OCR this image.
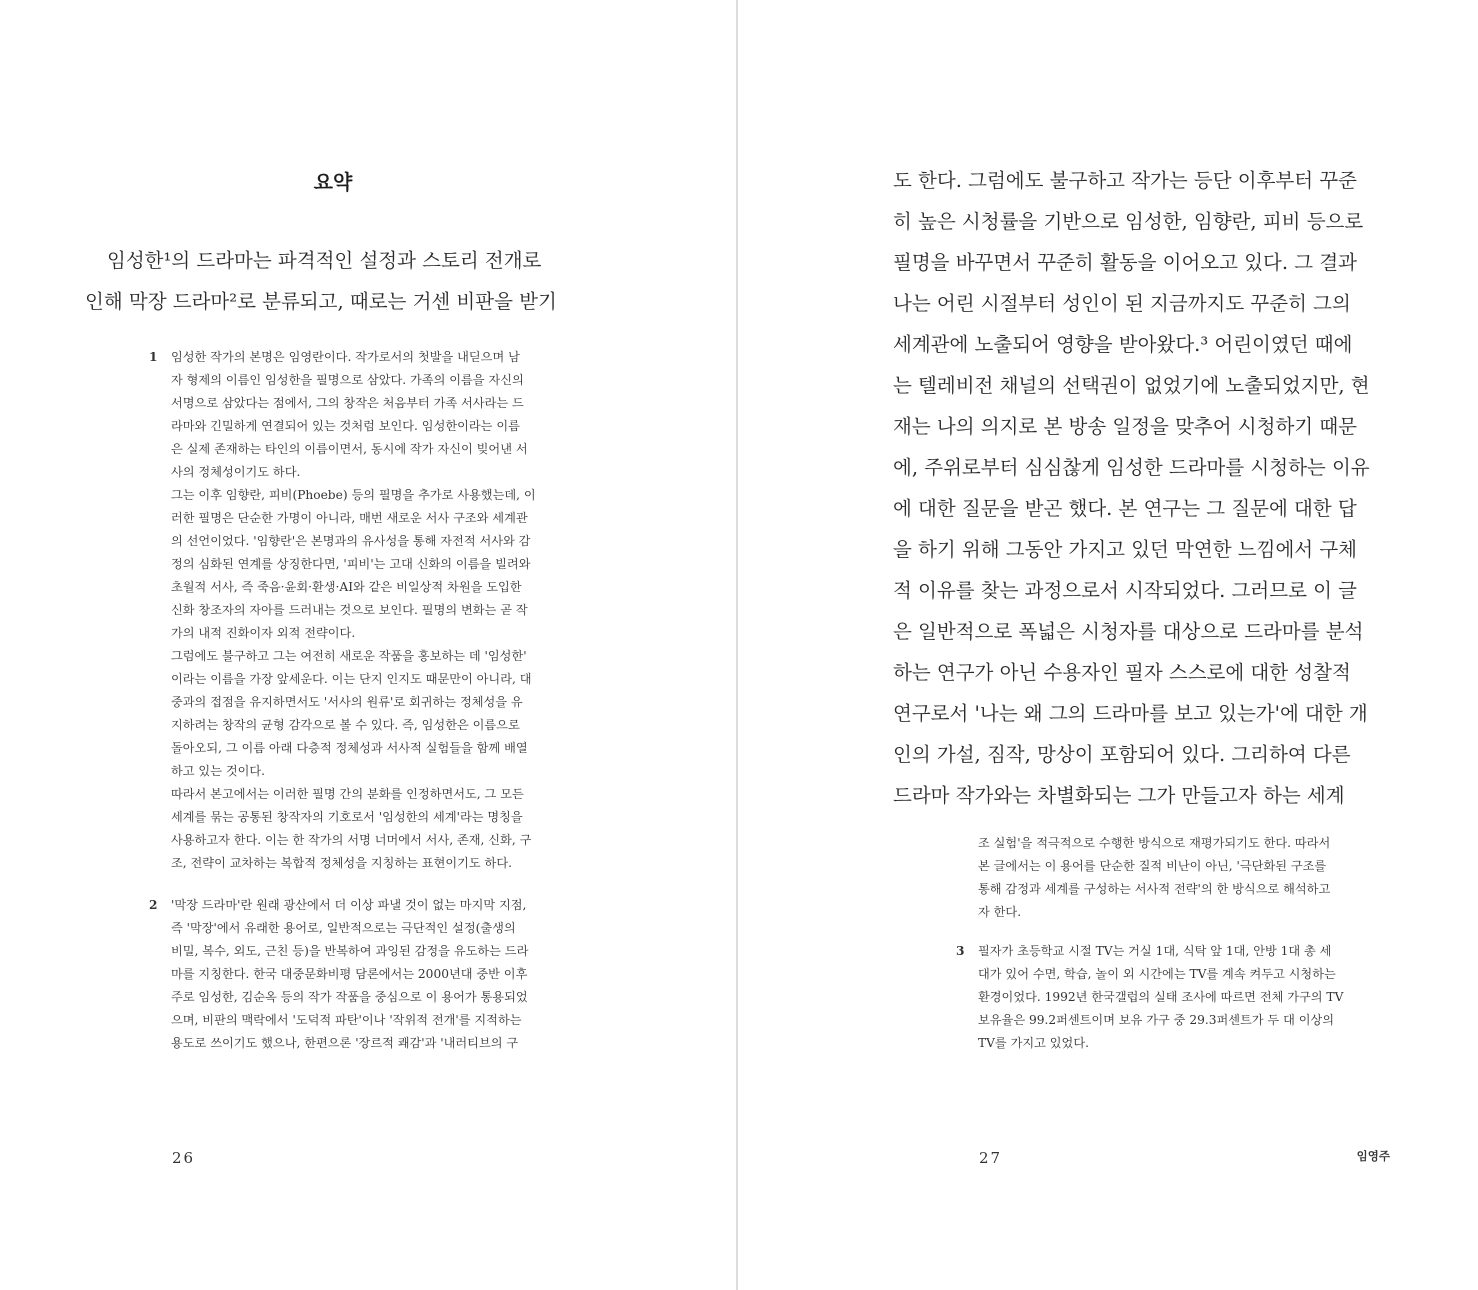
요약

임성한¹의 드라마는 파격적인 설정과 스토리 전개로
인해 막장 드라마²로 분류되고, 때로는 거센 비판을 받기

1 임성한 작가의 본명은 임영란이다. 작가로서의 첫발을 내딛으며 남
자 형제의 이름인 임성한을 필명으로 삼았다. 가족의 이름을 자신의
서명으로 삼았다는 점에서, 그의 창작은 처음부터 가족 서사라는 드
라마와 긴밀하게 연결되어 있는 것처럼 보인다. 임성한이라는 이름
은 실제 존재하는 타인의 이름이면서, 동시에 작가 자신이 빚어낸 서
사의 정체성이기도 하다.
그는 이후 임향란, 피비(Phoebe) 등의 필명을 추가로 사용했는데, 이
러한 필명은 단순한 가명이 아니라, 매번 새로운 서사 구조와 세계관
의 선언이었다. '임향란'은 본명과의 유사성을 통해 자전적 서사와 감
정의 심화된 연계를 상징한다면, '피비'는 고대 신화의 이름을 빌려와
초월적 서사, 즉 죽음·윤회·환생·AI와 같은 비일상적 차원을 도입한
신화 창조자의 자아를 드러내는 것으로 보인다. 필명의 변화는 곧 작
가의 내적 진화이자 외적 전략이다.
그럼에도 불구하고 그는 여전히 새로운 작품을 홍보하는 데 '임성한'
이라는 이름을 가장 앞세운다. 이는 단지 인지도 때문만이 아니라, 대
중과의 접점을 유지하면서도 '서사의 원류'로 회귀하는 정체성을 유
지하려는 창작의 균형 감각으로 볼 수 있다. 즉, 임성한은 이름으로
돌아오되, 그 이름 아래 다층적 정체성과 서사적 실험들을 함께 배열
하고 있는 것이다.
따라서 본고에서는 이러한 필명 간의 분화를 인정하면서도, 그 모든
세계를 묶는 공통된 창작자의 기호로서 '임성한의 세계'라는 명칭을
사용하고자 한다. 이는 한 작가의 서명 너머에서 서사, 존재, 신화, 구
조, 전략이 교차하는 복합적 정체성을 지칭하는 표현이기도 하다.
2 '막장 드라마'란 원래 광산에서 더 이상 파낼 것이 없는 마지막 지점,
즉 '막장'에서 유래한 용어로, 일반적으로는 극단적인 설정(출생의
비밀, 복수, 외도, 근친 등)을 반복하여 과잉된 감정을 유도하는 드라
마를 지칭한다. 한국 대중문화비평 담론에서는 2000년대 중반 이후
주로 임성한, 김순옥 등의 작가 작품을 중심으로 이 용어가 통용되었
으며, 비판의 맥락에서 '도덕적 파탄'이나 '작위적 전개'를 지적하는
용도로 쓰이기도 했으나, 한편으론 '장르적 쾌감'과 '내러티브의 구
26

도 한다. 그럼에도 불구하고 작가는 등단 이후부터 꾸준
히 높은 시청률을 기반으로 임성한, 임향란, 피비 등으로
필명을 바꾸면서 꾸준히 활동을 이어오고 있다. 그 결과
나는 어린 시절부터 성인이 된 지금까지도 꾸준히 그의
세계관에 노출되어 영향을 받아왔다.³ 어린이였던 때에
는 텔레비전 채널의 선택권이 없었기에 노출되었지만, 현
재는 나의 의지로 본 방송 일정을 맞추어 시청하기 때문
에, 주위로부터 심심찮게 임성한 드라마를 시청하는 이유
에 대한 질문을 받곤 했다. 본 연구는 그 질문에 대한 답
을 하기 위해 그동안 가지고 있던 막연한 느낌에서 구체
적 이유를 찾는 과정으로서 시작되었다. 그러므로 이 글
은 일반적으로 폭넓은 시청자를 대상으로 드라마를 분석
하는 연구가 아닌 수용자인 필자 스스로에 대한 성찰적
연구로서 '나는 왜 그의 드라마를 보고 있는가'에 대한 개
인의 가설, 짐작, 망상이 포함되어 있다. 그리하여 다른
드라마 작가와는 차별화되는 그가 만들고자 하는 세계

조 실험'을 적극적으로 수행한 방식으로 재평가되기도 한다. 따라서
본 글에서는 이 용어를 단순한 질적 비난이 아닌, '극단화된 구조를
통해 감정과 세계를 구성하는 서사적 전략'의 한 방식으로 해석하고
자 한다.
3 필자가 초등학교 시절 TV는 거실 1대, 식탁 앞 1대, 안방 1대 총 세
대가 있어 수면, 학습, 놀이 외 시간에는 TV를 계속 켜두고 시청하는
환경이었다. 1992년 한국갤럽의 실태 조사에 따르면 전체 가구의 TV
보유율은 99.2퍼센트이며 보유 가구 중 29.3퍼센트가 두 대 이상의
TV를 가지고 있었다.
27	임영주
